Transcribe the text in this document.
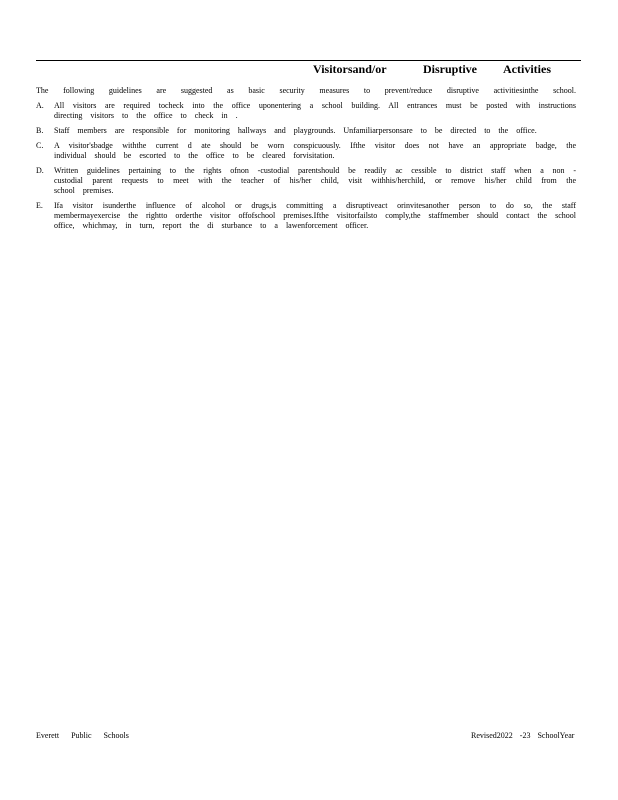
Visitorsand/or	Disruptive Activities

The following guidelines are suggested as basic security measures to prevent/reduce disruptive activitiesinthe school.

A.	All visitors are required tocheck into the office uponentering a school building. All entrances must be posted with instructions directing visitors to the office to check in .
B.	Staff members are responsible for monitoring hallways and playgrounds. Unfamiliarpersonsare to be directed to the office.
C.	A visitor'sbadge withthe current d ate should be worn conspicuously. Ifthe visitor does not have an appropriate badge, the individual should be escorted to the office to be cleared forvisitation.
D.	Written guidelines pertaining to the rights ofnon -custodial parentshould be readily ac cessible to district staff when a non -custodial parent requests to meet with the teacher of his/her child, visit withhis/herchild, or remove his/her child from the school premises.
E.	Ifa visitor isunderthe influence of alcohol or drugs,is committing a disruptiveact orinvitesanother person to do so, the staff membermayexercise the rightto orderthe visitor offofschool premises.Ifthe visitorfailsto comply,the staffmember should contact the school office, whichmay, in turn, report the di sturbance to a lawenforcement officer.
Everett Public Schools	Revised2022 -23 SchoolYear
